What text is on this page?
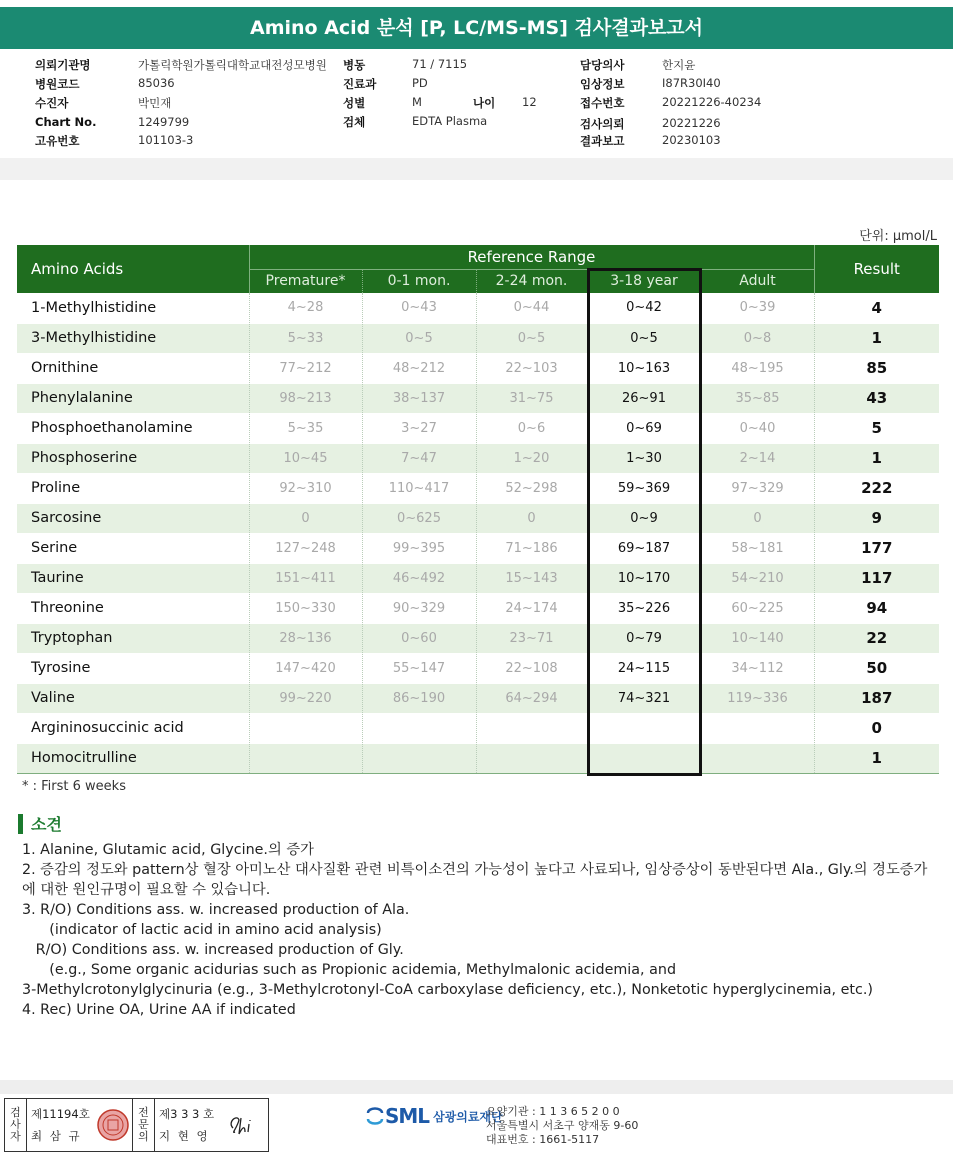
Amino Acid 분석 [P, LC/MS-MS] 검사결과보고서
의뢰기관명	가톨릭학원가톨릭대학교대전성모병원 병동	71 / 7115	담당의사	한지윤
병원코드	85036	진료과	PD	임상정보	I87R30I40
수진자	박민재	성별	M	나이 12	접수번호	20221226-40234
Chart No.	1249799	검체	EDTA Plasma	검사의뢰	20221226
고유번호	101103-3	결과보고	20230103
단위: μmol/L
Amino Acids	Reference Range					Result
	Premature*	0-1 mon.	2-24 mon.	3-18 year	Adult	
1-Methylhistidine	4~28	0~43	0~44	0~42	0~39	4
3-Methylhistidine	5~33	0~5	0~5	0~5	0~8	1
Ornithine	77~212	48~212	22~103	10~163	48~195	85
Phenylalanine	98~213	38~137	31~75	26~91	35~85	43
Phosphoethanolamine	5~35	3~27	0~6	0~69	0~40	5
Phosphoserine	10~45	7~47	1~20	1~30	2~14	1
Proline	92~310	110~417	52~298	59~369	97~329	222
Sarcosine	0	0~625	0	0~9	0	9
Serine	127~248	99~395	71~186	69~187	58~181	177
Taurine	151~411	46~492	15~143	10~170	54~210	117
Threonine	150~330	90~329	24~174	35~226	60~225	94
Tryptophan	28~136	0~60	23~71	0~79	10~140	22
Tyrosine	147~420	55~147	22~108	24~115	34~112	50
Valine	99~220	86~190	64~294	74~321	119~336	187
Argininosuccinic acid						0
Homocitrulline						1
* : First 6 weeks
소견

1. Alanine, Glutamic acid, Glycine.의 증가

2. 증감의 정도와 pattern상 혈장 아미노산 대사질환 관련 비특이소견의 가능성이 높다고 사료되나, 임상증상이 동반된다면 Ala., Gly.의 경도증가에 대한 원인규명이 필요할 수 있습니다.

3. R/O) Conditions ass. w. increased production of Ala.

(indicator of lactic acid in amino acid analysis)

R/O) Conditions ass. w. increased production of Gly.

(e.g., Some organic acidurias such as Propionic acidemia, Methylmalonic acidemia, and

3-Methylcrotonylglycinuria (e.g., 3-Methylcrotonyl-CoA carboxylase deficiency, etc.), Nonketotic hyperglycinemia, etc.)

4. Rec) Urine OA, Urine AA if indicated

검
사
자
제11194호
최 삼 규
전
문
의
제3 3 3 호
지 현 영
SML 삼광의료재단
요양기관 : 1 1 3 6 5 2 0 0
서울특별시 서초구 양재동 9-60
대표번호 : 1661-5117
